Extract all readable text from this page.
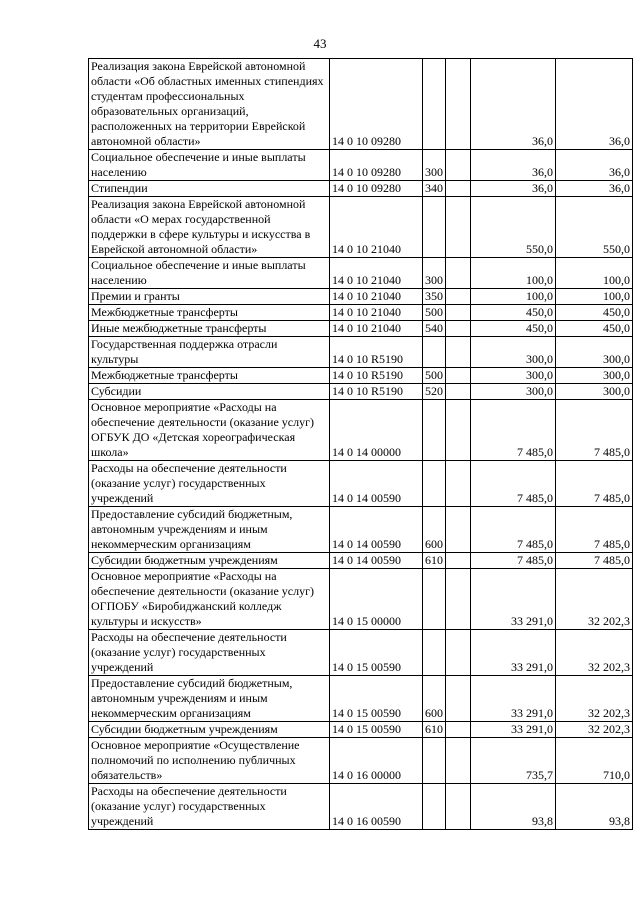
43
Реализация закона Еврейской автономной области «Об областных именных стипендиях студентам профессиональных образовательных организаций, расположенных на территории Еврейской автономной области»	14 0 10 09280			36,0	36,0
Социальное обеспечение и иные выплаты населению	14 0 10 09280	300		36,0	36,0
Стипендии	14 0 10 09280	340		36,0	36,0
Реализация закона Еврейской автономной области «О мерах государственной поддержки в сфере культуры и искусства в Еврейской автономной области»	14 0 10 21040			550,0	550,0
Социальное обеспечение и иные выплаты населению	14 0 10 21040	300		100,0	100,0
Премии и гранты	14 0 10 21040	350		100,0	100,0
Межбюджетные трансферты	14 0 10 21040	500		450,0	450,0
Иные межбюджетные трансферты	14 0 10 21040	540		450,0	450,0
Государственная поддержка отрасли культуры	14 0 10 R5190			300,0	300,0
Межбюджетные трансферты	14 0 10 R5190	500		300,0	300,0
Субсидии	14 0 10 R5190	520		300,0	300,0
Основное мероприятие «Расходы на обеспечение деятельности (оказание услуг) ОГБУК ДО «Детская хореографическая школа»	14 0 14 00000			7 485,0	7 485,0
Расходы на обеспечение деятельности (оказание услуг) государственных учреждений	14 0 14 00590			7 485,0	7 485,0
Предоставление субсидий бюджетным, автономным учреждениям и иным некоммерческим организациям	14 0 14 00590	600		7 485,0	7 485,0
Субсидии бюджетным учреждениям	14 0 14 00590	610		7 485,0	7 485,0
Основное мероприятие «Расходы на обеспечение деятельности (оказание услуг) ОГПОБУ «Биробиджанский колледж культуры и искусств»	14 0 15 00000			33 291,0	32 202,3
Расходы на обеспечение деятельности (оказание услуг) государственных учреждений	14 0 15 00590			33 291,0	32 202,3
Предоставление субсидий бюджетным, автономным учреждениям и иным некоммерческим организациям	14 0 15 00590	600		33 291,0	32 202,3
Субсидии бюджетным учреждениям	14 0 15 00590	610		33 291,0	32 202,3
Основное мероприятие «Осуществление полномочий по исполнению публичных обязательств»	14 0 16 00000			735,7	710,0
Расходы на обеспечение деятельности (оказание услуг) государственных учреждений	14 0 16 00590			93,8	93,8
